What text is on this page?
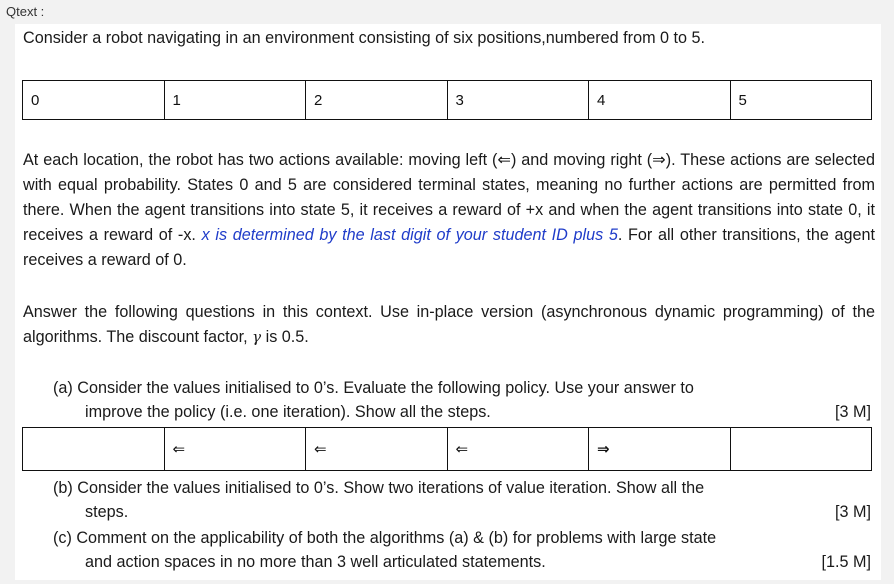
Qtext :
Consider a robot navigating in an environment consisting of six positions,numbered from 0 to 5.
0	1	2	3	4	5
At each location, the robot has two actions available: moving left (⇐) and moving right (⇒). These actions are selected with equal probability. States 0 and 5 are considered terminal states, meaning no further actions are permitted from there. When the agent transitions into state 5, it receives a reward of +x and when the agent transitions into state 0, it receives a reward of -x. x is determined by the last digit of your student ID plus 5. For all other transitions, the agent receives a reward of 0.
Answer the following questions in this context. Use in-place version (asynchronous dynamic programming) of the algorithms. The discount factor, γ is 0.5.
(a) Consider the values initialised to 0’s. Evaluate the following policy. Use your answer to
improve the policy (i.e. one iteration). Show all the steps.	[3 M]
	⇐	⇐	⇐	⇒	
(b) Consider the values initialised to 0’s. Show two iterations of value iteration. Show all the
steps.	[3 M]
(c) Comment on the applicability of both the algorithms (a) & (b) for problems with large state
and action spaces in no more than 3 well articulated statements.	[1.5 M]
